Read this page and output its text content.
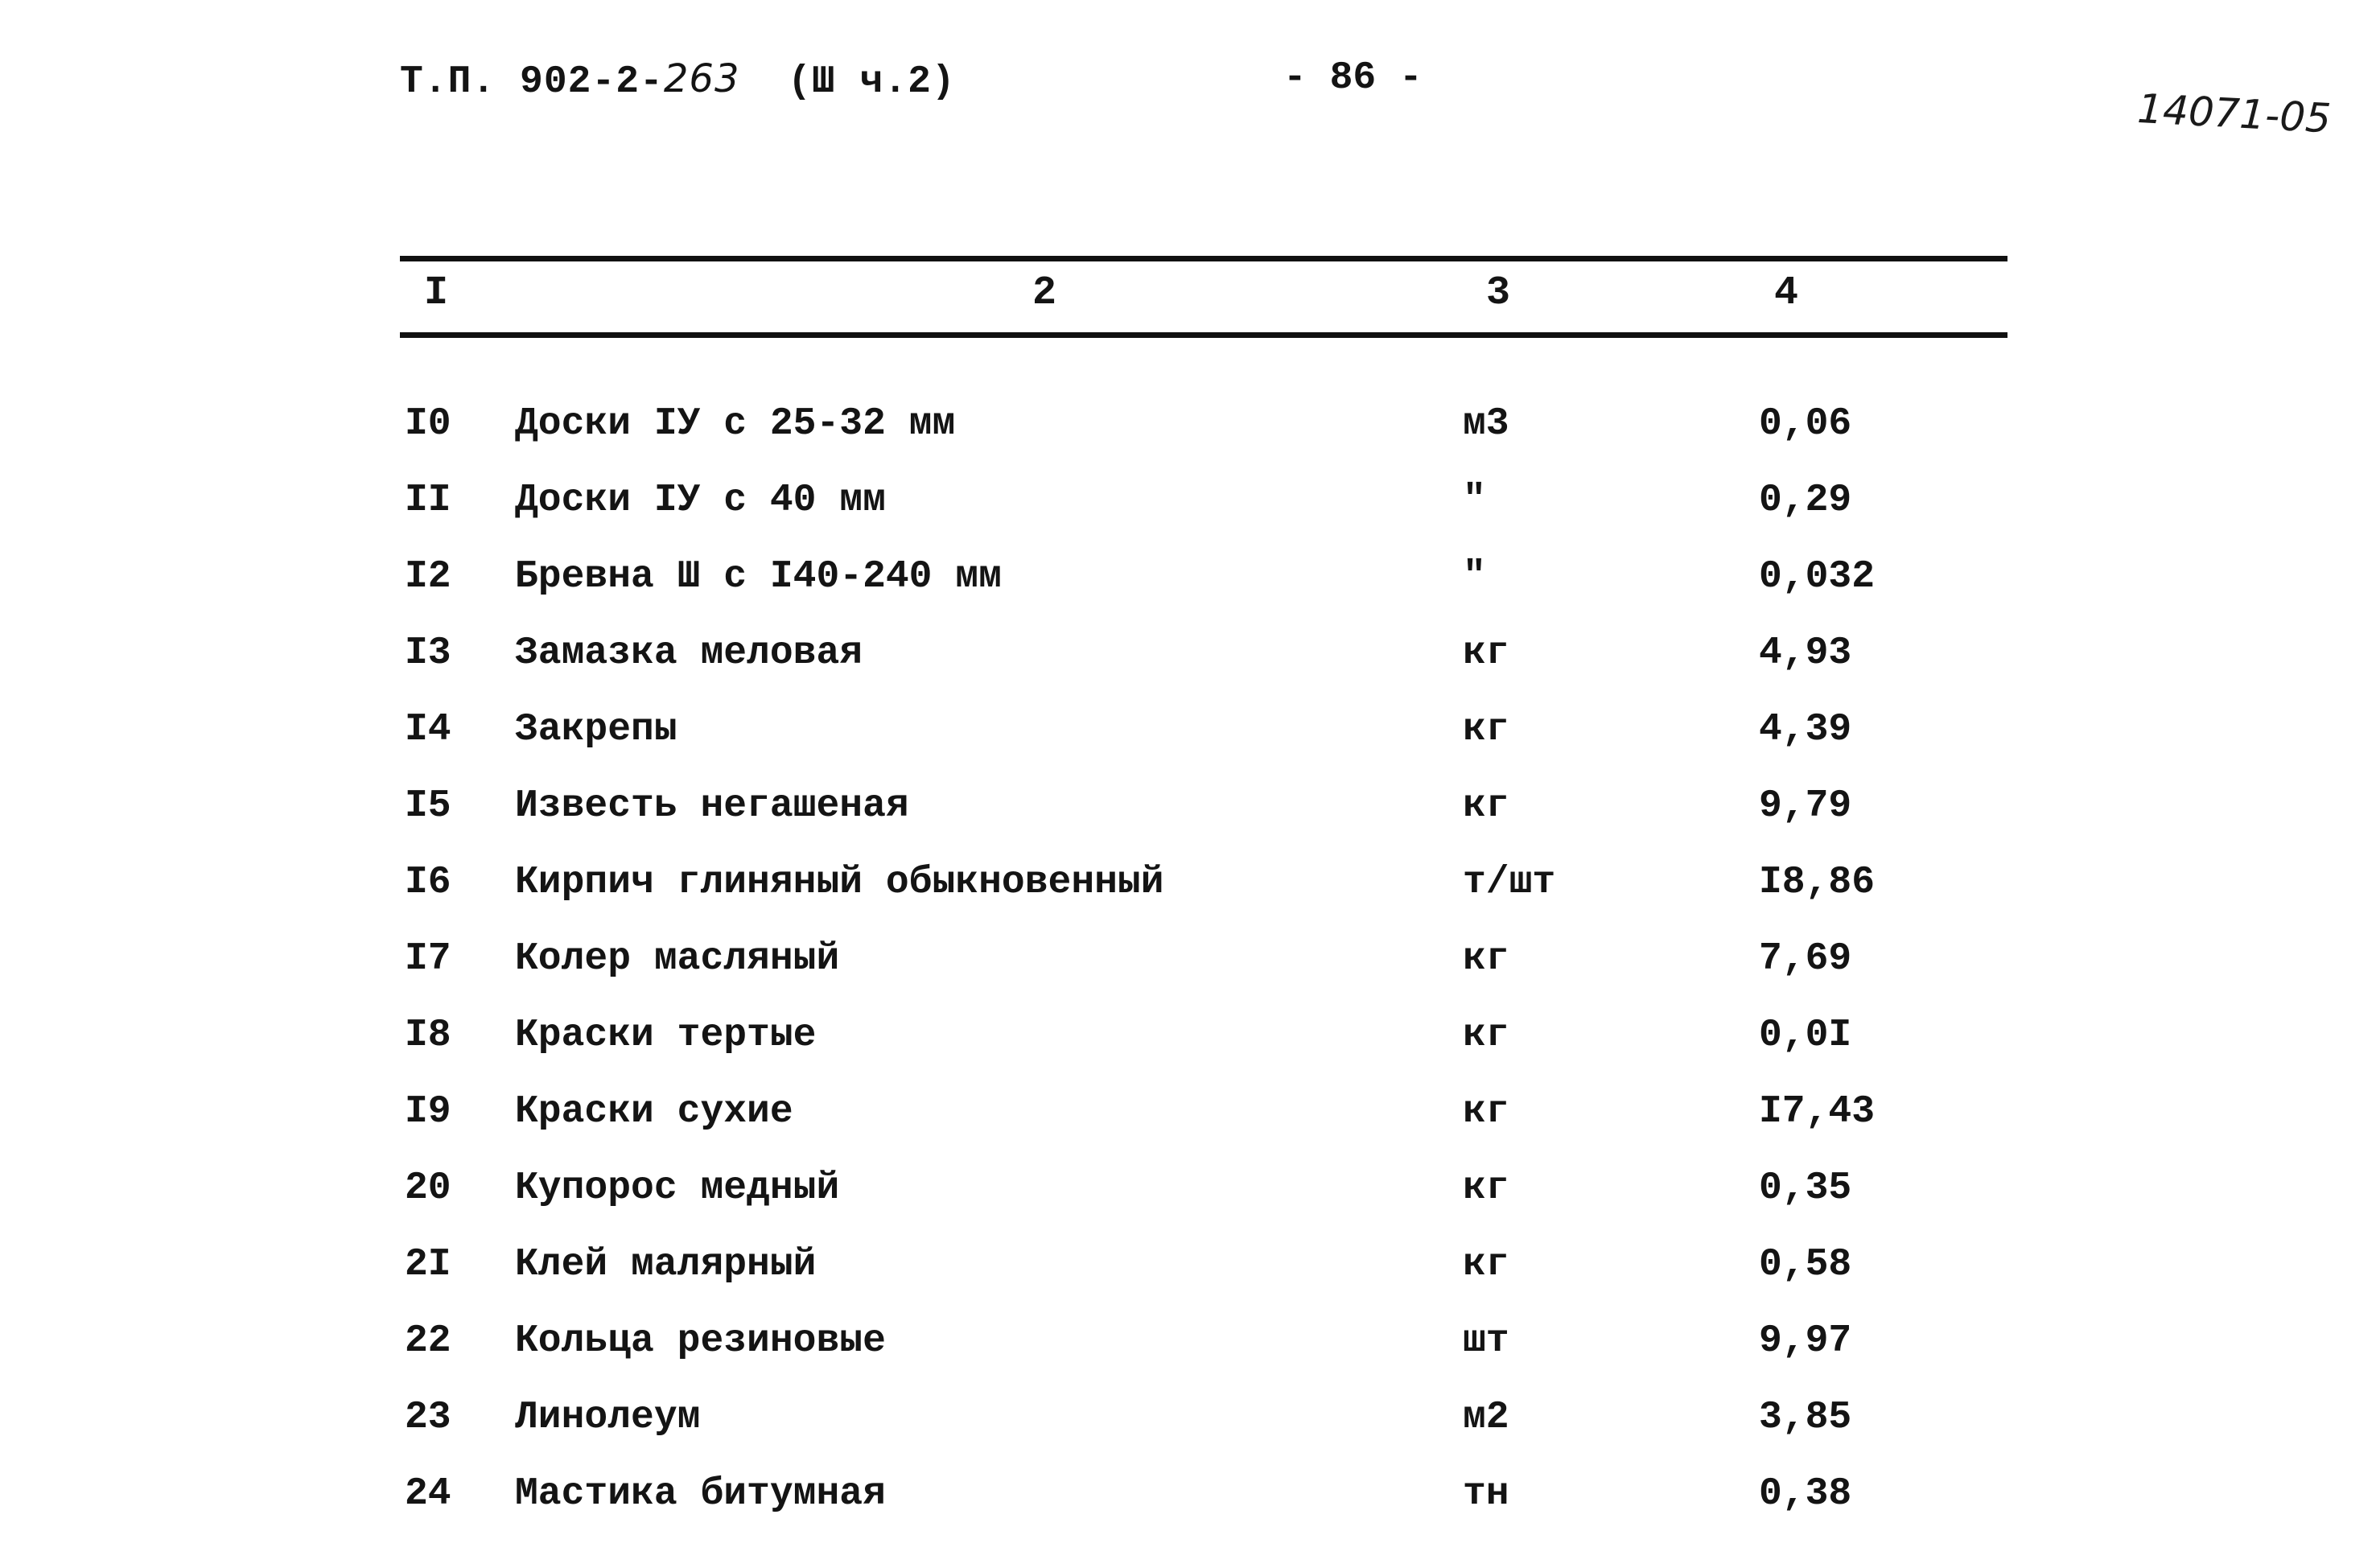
Т.П. 902-2-263 (Ш ч.2)	- 86 -
14071-05
I	2	3	4
I0 Доски IУ с 25-32 мм	м3	0,06
II Доски IУ с 40 мм	"	0,29
I2 Бревна Ш с I40-240 мм	"	0,032
I3 Замазка меловая	кг	4,93
I4 Закрепы	кг	4,39
I5 Известь негашеная	кг	9,79
I6 Кирпич глиняный обыкновенный	т/шт	I8,86
I7 Колер масляный	кг	7,69
I8 Краски тертые	кг	0,0I
I9 Краски сухие	кг	I7,43
20 Купорос медный	кг	0,35
2I Клей малярный	кг	0,58
22 Кольца резиновые	шт	9,97
23 Линолеум	м2	3,85
24 Мастика битумная	тн	0,38
